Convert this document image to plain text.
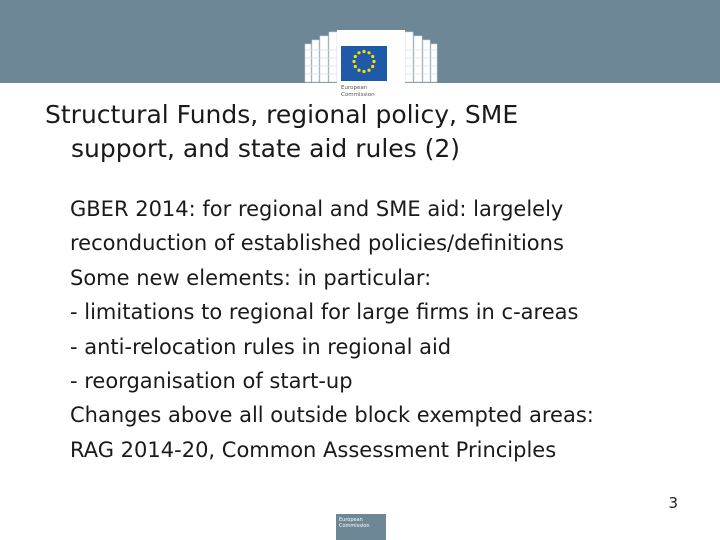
European
Commission
Structural Funds, regional policy, SME
support, and state aid rules (2)
GBER 2014: for regional and SME aid: largelely
reconduction of established policies/definitions
Some new elements: in particular:
- limitations to regional for large firms in c-areas
- anti-relocation rules in regional aid
- reorganisation of start-up
Changes above all outside block exempted areas:
RAG 2014-20, Common Assessment Principles
3
European Commission
